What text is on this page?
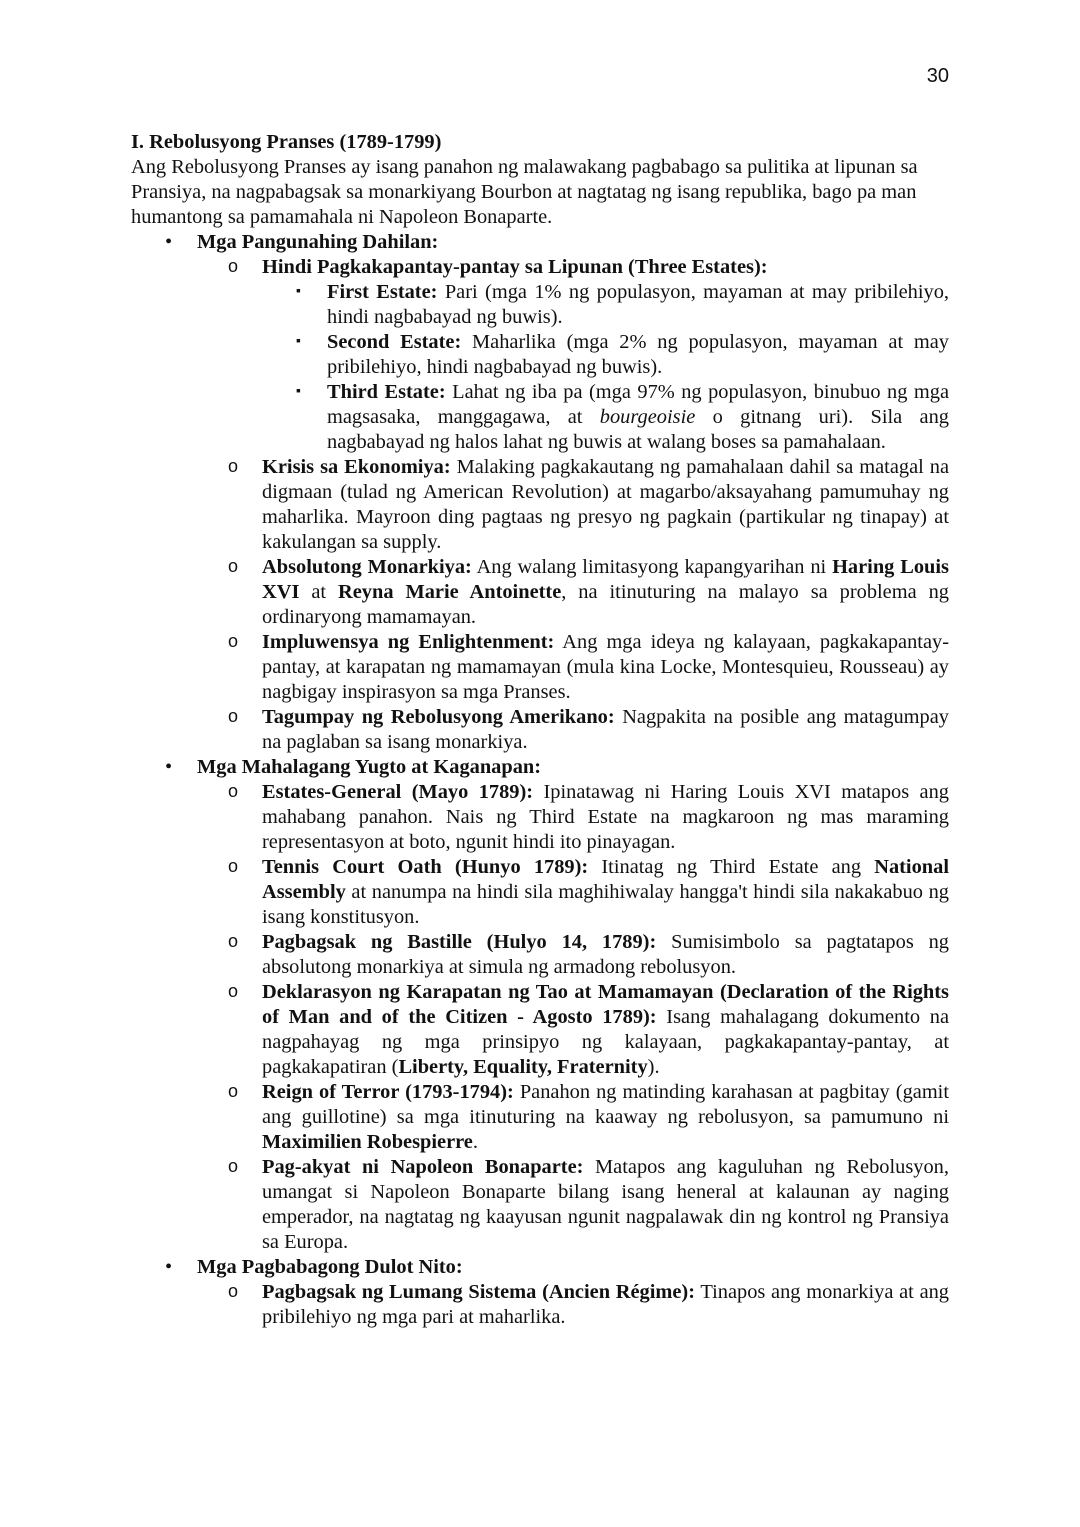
30
I. Rebolusyong Pranses (1789-1799)

Ang Rebolusyong Pranses ay isang panahon ng malawakang pagbabago sa pulitika at lipunan sa Pransiya, na nagpabagsak sa monarkiyang Bourbon at nagtatag ng isang republika, bago pa man humantong sa pamamahala ni Napoleon Bonaparte.

• Mga Pangunahing Dahilan:
o Hindi Pagkakapantay-pantay sa Lipunan (Three Estates):
▪ First Estate: Pari (mga 1% ng populasyon, mayaman at may pribilehiyo, hindi nagbabayad ng buwis).
▪ Second Estate: Maharlika (mga 2% ng populasyon, mayaman at may pribilehiyo, hindi nagbabayad ng buwis).
▪ Third Estate: Lahat ng iba pa (mga 97% ng populasyon, binubuo ng mga magsasaka, manggagawa, at bourgeoisie o gitnang uri). Sila ang nagbabayad ng halos lahat ng buwis at walang boses sa pamahalaan.
o Krisis sa Ekonomiya: Malaking pagkakautang ng pamahalaan dahil sa matagal na digmaan (tulad ng American Revolution) at magarbo/aksayahang pamumuhay ng maharlika. Mayroon ding pagtaas ng presyo ng pagkain (partikular ng tinapay) at kakulangan sa supply.
o Absolutong Monarkiya: Ang walang limitasyong kapangyarihan ni Haring Louis XVI at Reyna Marie Antoinette, na itinuturing na malayo sa problema ng ordinaryong mamamayan.
o Impluwensya ng Enlightenment: Ang mga ideya ng kalayaan, pagkakapantay-pantay, at karapatan ng mamamayan (mula kina Locke, Montesquieu, Rousseau) ay nagbigay inspirasyon sa mga Pranses.
o Tagumpay ng Rebolusyong Amerikano: Nagpakita na posible ang matagumpay na paglaban sa isang monarkiya.
• Mga Mahalagang Yugto at Kaganapan:
o Estates-General (Mayo 1789): Ipinatawag ni Haring Louis XVI matapos ang mahabang panahon. Nais ng Third Estate na magkaroon ng mas maraming representasyon at boto, ngunit hindi ito pinayagan.
o Tennis Court Oath (Hunyo 1789): Itinatag ng Third Estate ang National Assembly at nanumpa na hindi sila maghihiwalay hangga't hindi sila nakakabuo ng isang konstitusyon.
o Pagbagsak ng Bastille (Hulyo 14, 1789): Sumisimbolo sa pagtatapos ng absolutong monarkiya at simula ng armadong rebolusyon.
o Deklarasyon ng Karapatan ng Tao at Mamamayan (Declaration of the Rights of Man and of the Citizen - Agosto 1789): Isang mahalagang dokumento na nagpahayag ng mga prinsipyo ng kalayaan, pagkakapantay-pantay, at pagkakapatiran (Liberty, Equality, Fraternity).
o Reign of Terror (1793-1794): Panahon ng matinding karahasan at pagbitay (gamit ang guillotine) sa mga itinuturing na kaaway ng rebolusyon, sa pamumuno ni Maximilien Robespierre.
o Pag-akyat ni Napoleon Bonaparte: Matapos ang kaguluhan ng Rebolusyon, umangat si Napoleon Bonaparte bilang isang heneral at kalaunan ay naging emperador, na nagtatag ng kaayusan ngunit nagpalawak din ng kontrol ng Pransiya sa Europa.
• Mga Pagbabagong Dulot Nito:
o Pagbagsak ng Lumang Sistema (Ancien Régime): Tinapos ang monarkiya at ang pribilehiyo ng mga pari at maharlika.
